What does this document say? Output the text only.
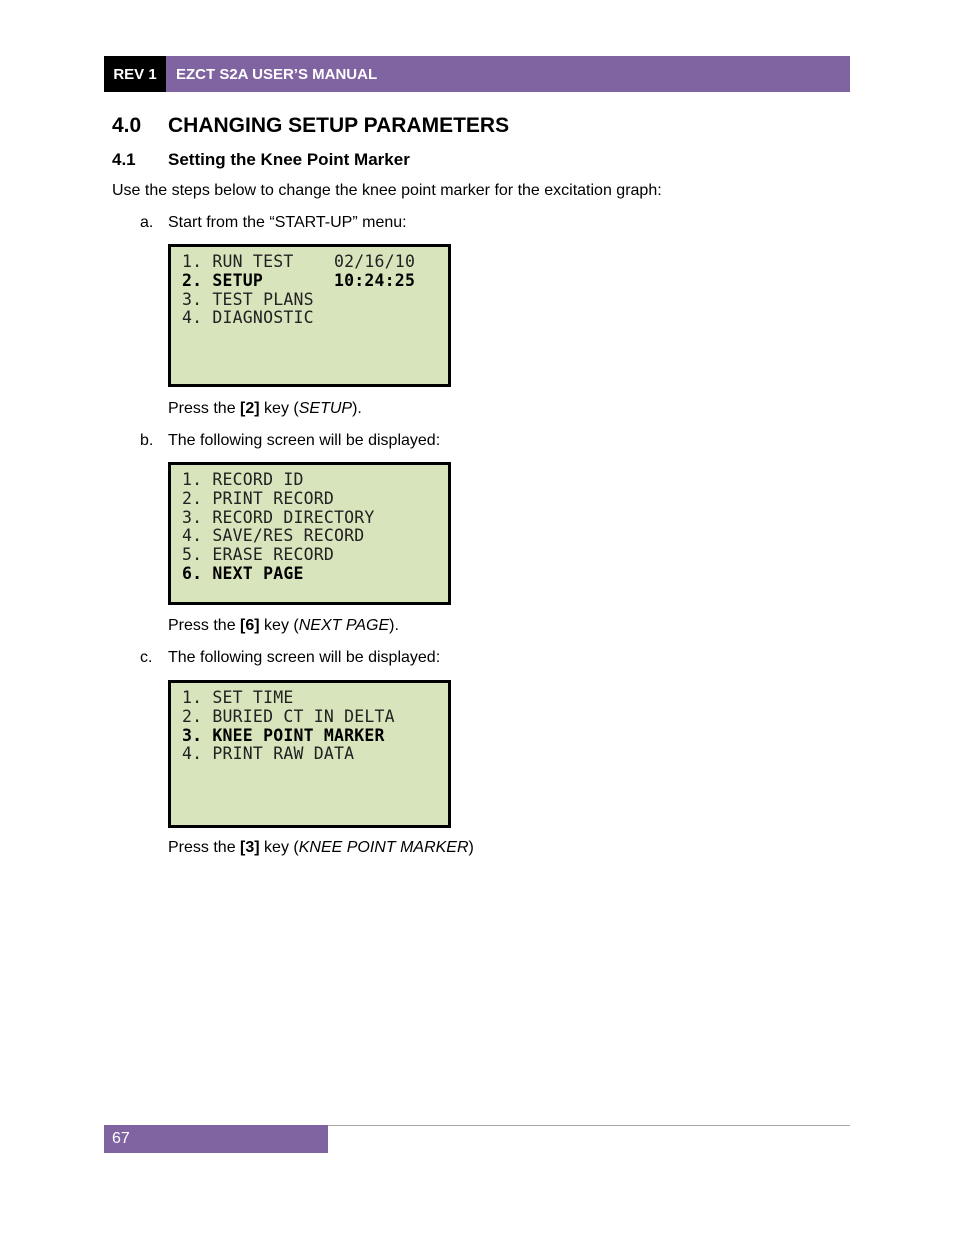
REV 1	EZCT S2A USER’S MANUAL
4.0	CHANGING SETUP PARAMETERS
4.1	Setting the Knee Point Marker
Use the steps below to change the knee point marker for the excitation graph:
a. Start from the “START-UP” menu:
1. RUN TEST    02/16/10
2. SETUP       10:24:25
3. TEST PLANS
4. DIAGNOSTIC
Press the [2] key (SETUP).
b. The following screen will be displayed:
1. RECORD ID
2. PRINT RECORD
3. RECORD DIRECTORY
4. SAVE/RES RECORD
5. ERASE RECORD
6. NEXT PAGE
Press the [6] key (NEXT PAGE).
c. The following screen will be displayed:
1. SET TIME
2. BURIED CT IN DELTA
3. KNEE POINT MARKER
4. PRINT RAW DATA
Press the [3] key (KNEE POINT MARKER)
67
